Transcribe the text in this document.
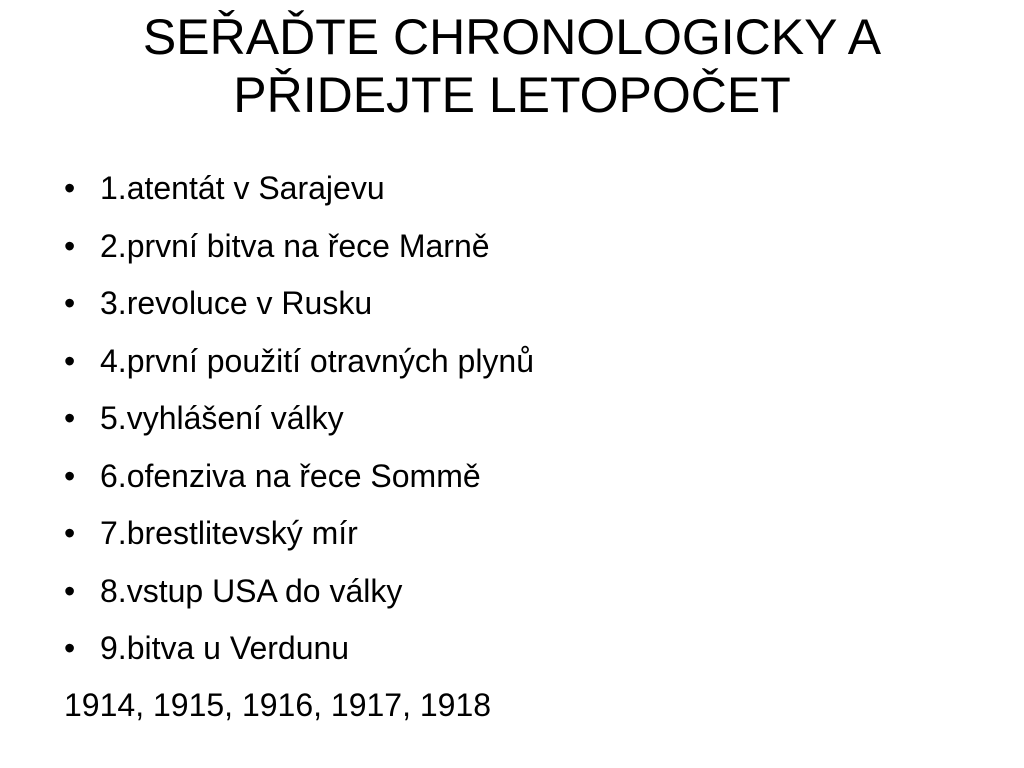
SEŘAĎTE CHRONOLOGICKY A
PŘIDEJTE LETOPOČET
• 1.atentát v Sarajevu
• 2.první bitva na řece Marně
• 3.revoluce v Rusku
• 4.první použití otravných plynů
• 5.vyhlášení války
• 6.ofenziva na řece Sommě
• 7.brestlitevský mír
• 8.vstup USA do války
• 9.bitva u Verdunu

1914, 1915, 1916, 1917, 1918
